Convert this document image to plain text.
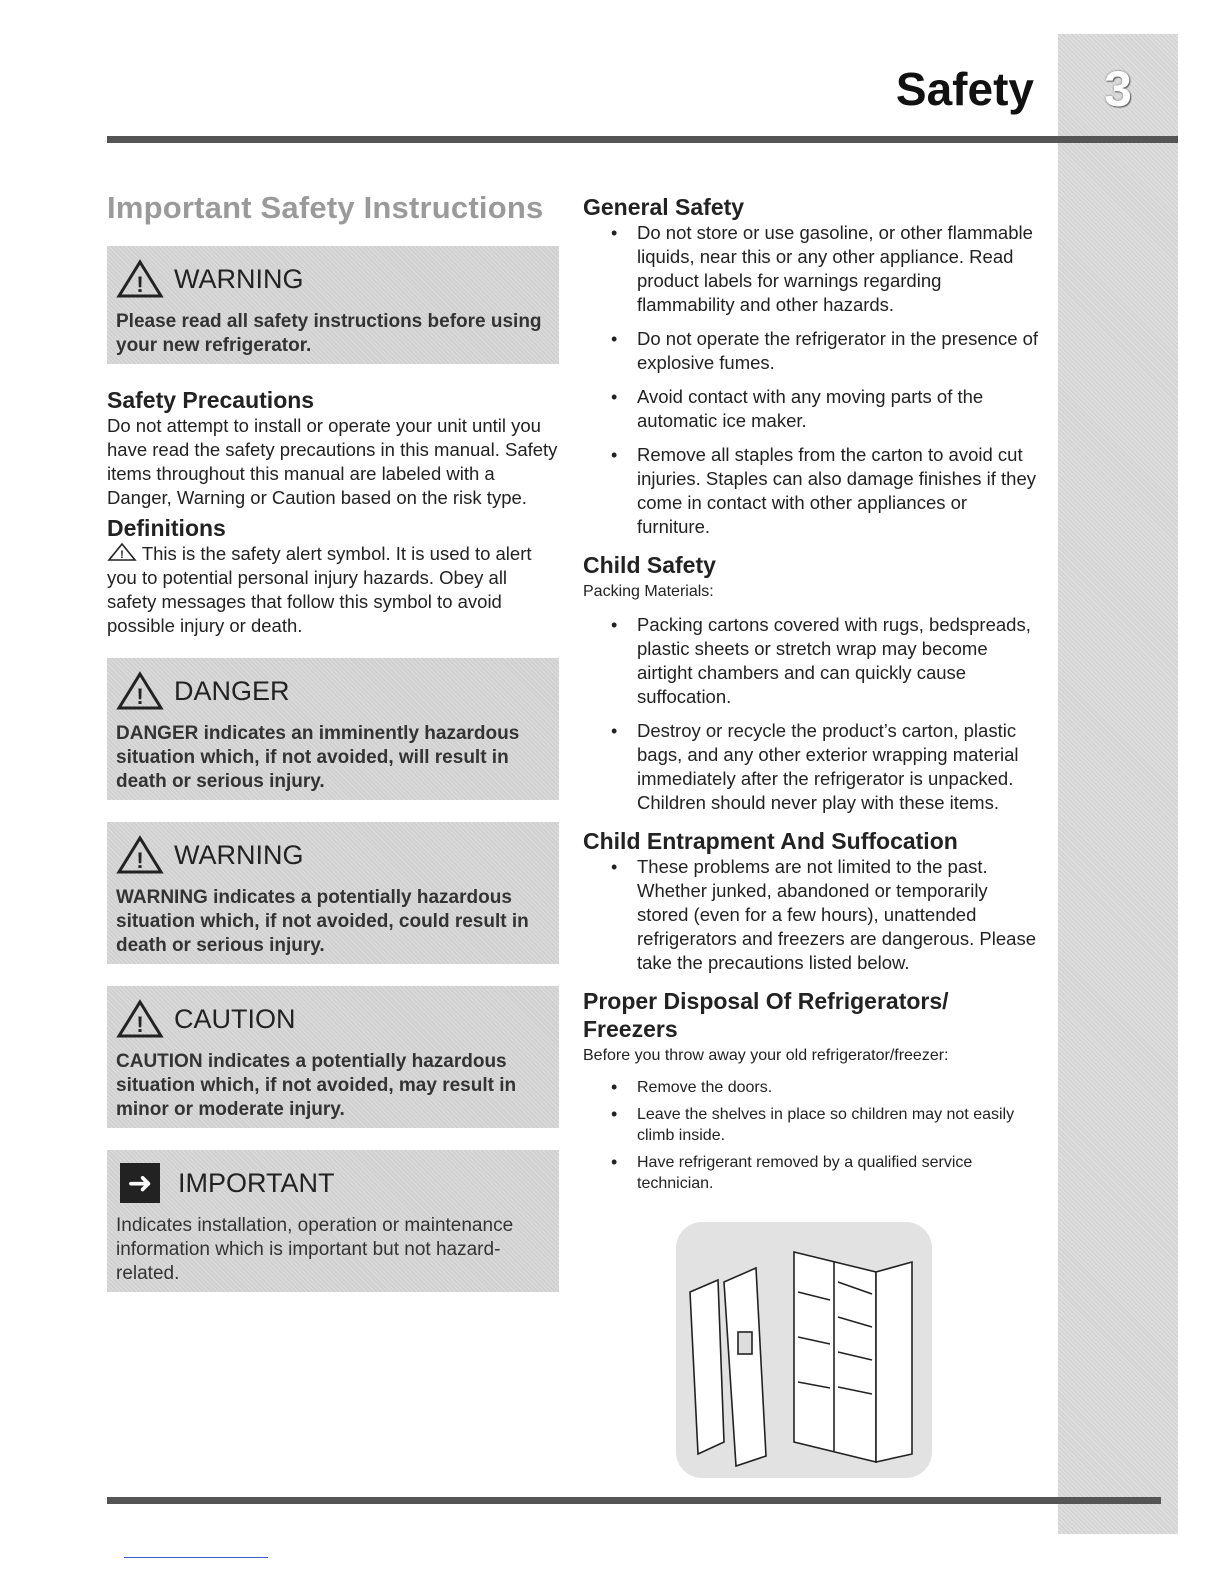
3
Safety
Important Safety Instructions
! WARNING
Please read all safety instructions before using your new refrigerator.
Safety Precautions

Do not attempt to install or operate your unit until you have read the safety precautions in this manual. Safety items throughout this manual are labeled with a Danger, Warning or Caution based on the risk type.

Definitions

! This is the safety alert symbol. It is used to alert you to potential personal injury hazards. Obey all safety messages that follow this symbol to avoid possible injury or death.

! DANGER
DANGER indicates an imminently hazardous situation which, if not avoided, will result in death or serious injury.
! WARNING
WARNING indicates a potentially hazardous situation which, if not avoided, could result in death or serious injury.
! CAUTION
CAUTION indicates a potentially hazardous situation which, if not avoided, may result in minor or moderate injury.
➜ IMPORTANT
Indicates installation, operation or maintenance information which is important but not hazard-related.
General Safety
• Do not store or use gasoline, or other flammable liquids, near this or any other appliance. Read product labels for warnings regarding flammability and other hazards.
• Do not operate the refrigerator in the presence of explosive fumes.
• Avoid contact with any moving parts of the automatic ice maker.
• Remove all staples from the carton to avoid cut injuries. Staples can also damage finishes if they come in contact with other appliances or furniture.
Child Safety
Packing Materials:
• Packing cartons covered with rugs, bedspreads, plastic sheets or stretch wrap may become airtight chambers and can quickly cause suffocation.
• Destroy or recycle the product’s carton, plastic bags, and any other exterior wrapping material immediately after the refrigerator is unpacked. Children should never play with these items.
Child Entrapment And Suffocation
• These problems are not limited to the past. Whether junked, abandoned or temporarily stored (even for a few hours), unattended refrigerators and freezers are dangerous. Please take the precautions listed below.
Proper Disposal Of Refrigerators/ Freezers
Before you throw away your old refrigerator/freezer:
• Remove the doors.
• Leave the shelves in place so children may not easily climb inside.
• Have refrigerant removed by a qualified service technician.
